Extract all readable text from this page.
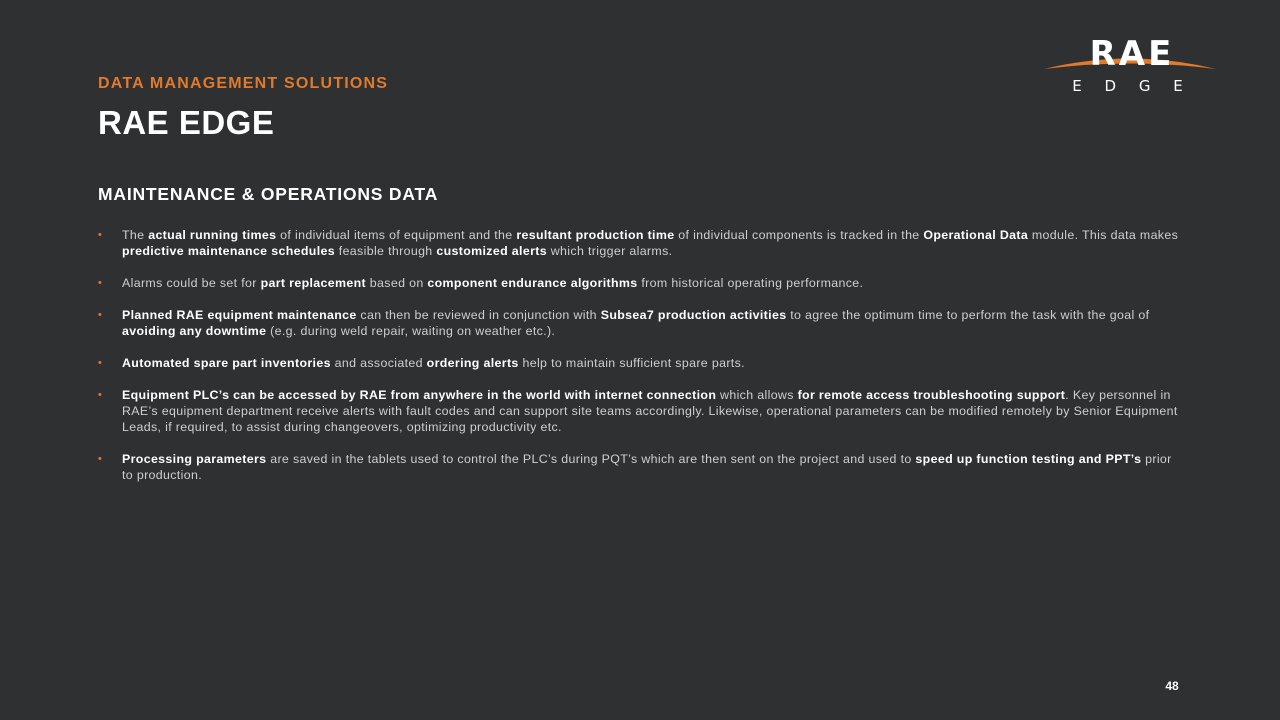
DATA MANAGEMENT SOLUTIONS

RAE EDGE
RAE
E D G E
MAINTENANCE & OPERATIONS DATA
• The actual running times of individual items of equipment and the resultant production time of individual components is tracked in the Operational Data module. This data makes predictive maintenance schedules feasible through customized alerts which trigger alarms.
• Alarms could be set for part replacement based on component endurance algorithms from historical operating performance.
• Planned RAE equipment maintenance can then be reviewed in conjunction with Subsea7 production activities to agree the optimum time to perform the task with the goal of avoiding any downtime (e.g. during weld repair, waiting on weather etc.).
• Automated spare part inventories and associated ordering alerts help to maintain sufficient spare parts.
• Equipment PLC’s can be accessed by RAE from anywhere in the world with internet connection which allows for remote access troubleshooting support. Key personnel in RAE’s equipment department receive alerts with fault codes and can support site teams accordingly. Likewise, operational parameters can be modified remotely by Senior Equipment Leads, if required, to assist during changeovers, optimizing productivity etc.
• Processing parameters are saved in the tablets used to control the PLC’s during PQT’s which are then sent on the project and used to speed up function testing and PPT’s prior to production.
48
